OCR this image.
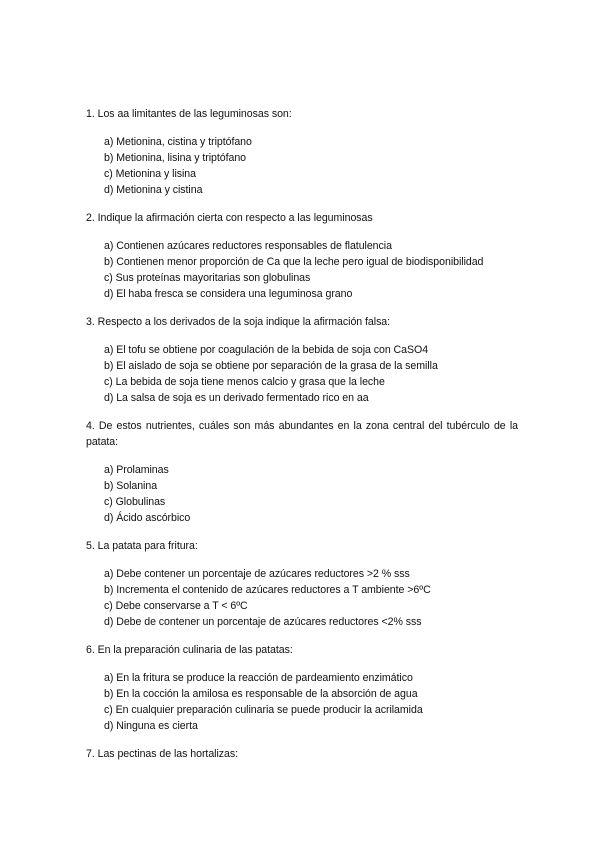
1. Los aa limitantes de las leguminosas son:

a) Metionina, cistina y triptófano
b) Metionina, lisina y triptófano
c) Metionina y lisina
d) Metionina y cistina

2. Indique la afirmación cierta con respecto a las leguminosas

a) Contienen azúcares reductores responsables de flatulencia
b) Contienen menor proporción de Ca que la leche pero igual de biodisponibilidad
c) Sus proteínas mayoritarias son globulinas
d) El haba fresca se considera una leguminosa grano

3. Respecto a los derivados de la soja indique la afirmación falsa:

a) El tofu se obtiene por coagulación de la bebida de soja con CaSO4
b) El aislado de soja se obtiene por separación de la grasa de la semilla
c) La bebida de soja tiene menos calcio y grasa que la leche
d) La salsa de soja es un derivado fermentado rico en aa

4. De estos nutrientes, cuáles son más abundantes en la zona central del tubérculo de la patata:

a) Prolaminas
b) Solanina
c) Globulinas
d) Ácido ascórbico

5. La patata para fritura:

a) Debe contener un porcentaje de azúcares reductores >2 % sss
b) Incrementa el contenido de azúcares reductores a T ambiente >6ºC
c) Debe conservarse a T < 6ºC
d) Debe de contener un porcentaje de azúcares reductores <2% sss

6. En la preparación culinaria de las patatas:

a) En la fritura se produce la reacción de pardeamiento enzimático
b) En la cocción la amilosa es responsable de la absorción de agua
c) En cualquier preparación culinaria se puede producir la acrilamida
d) Ninguna es cierta

7. Las pectinas de las hortalizas:
